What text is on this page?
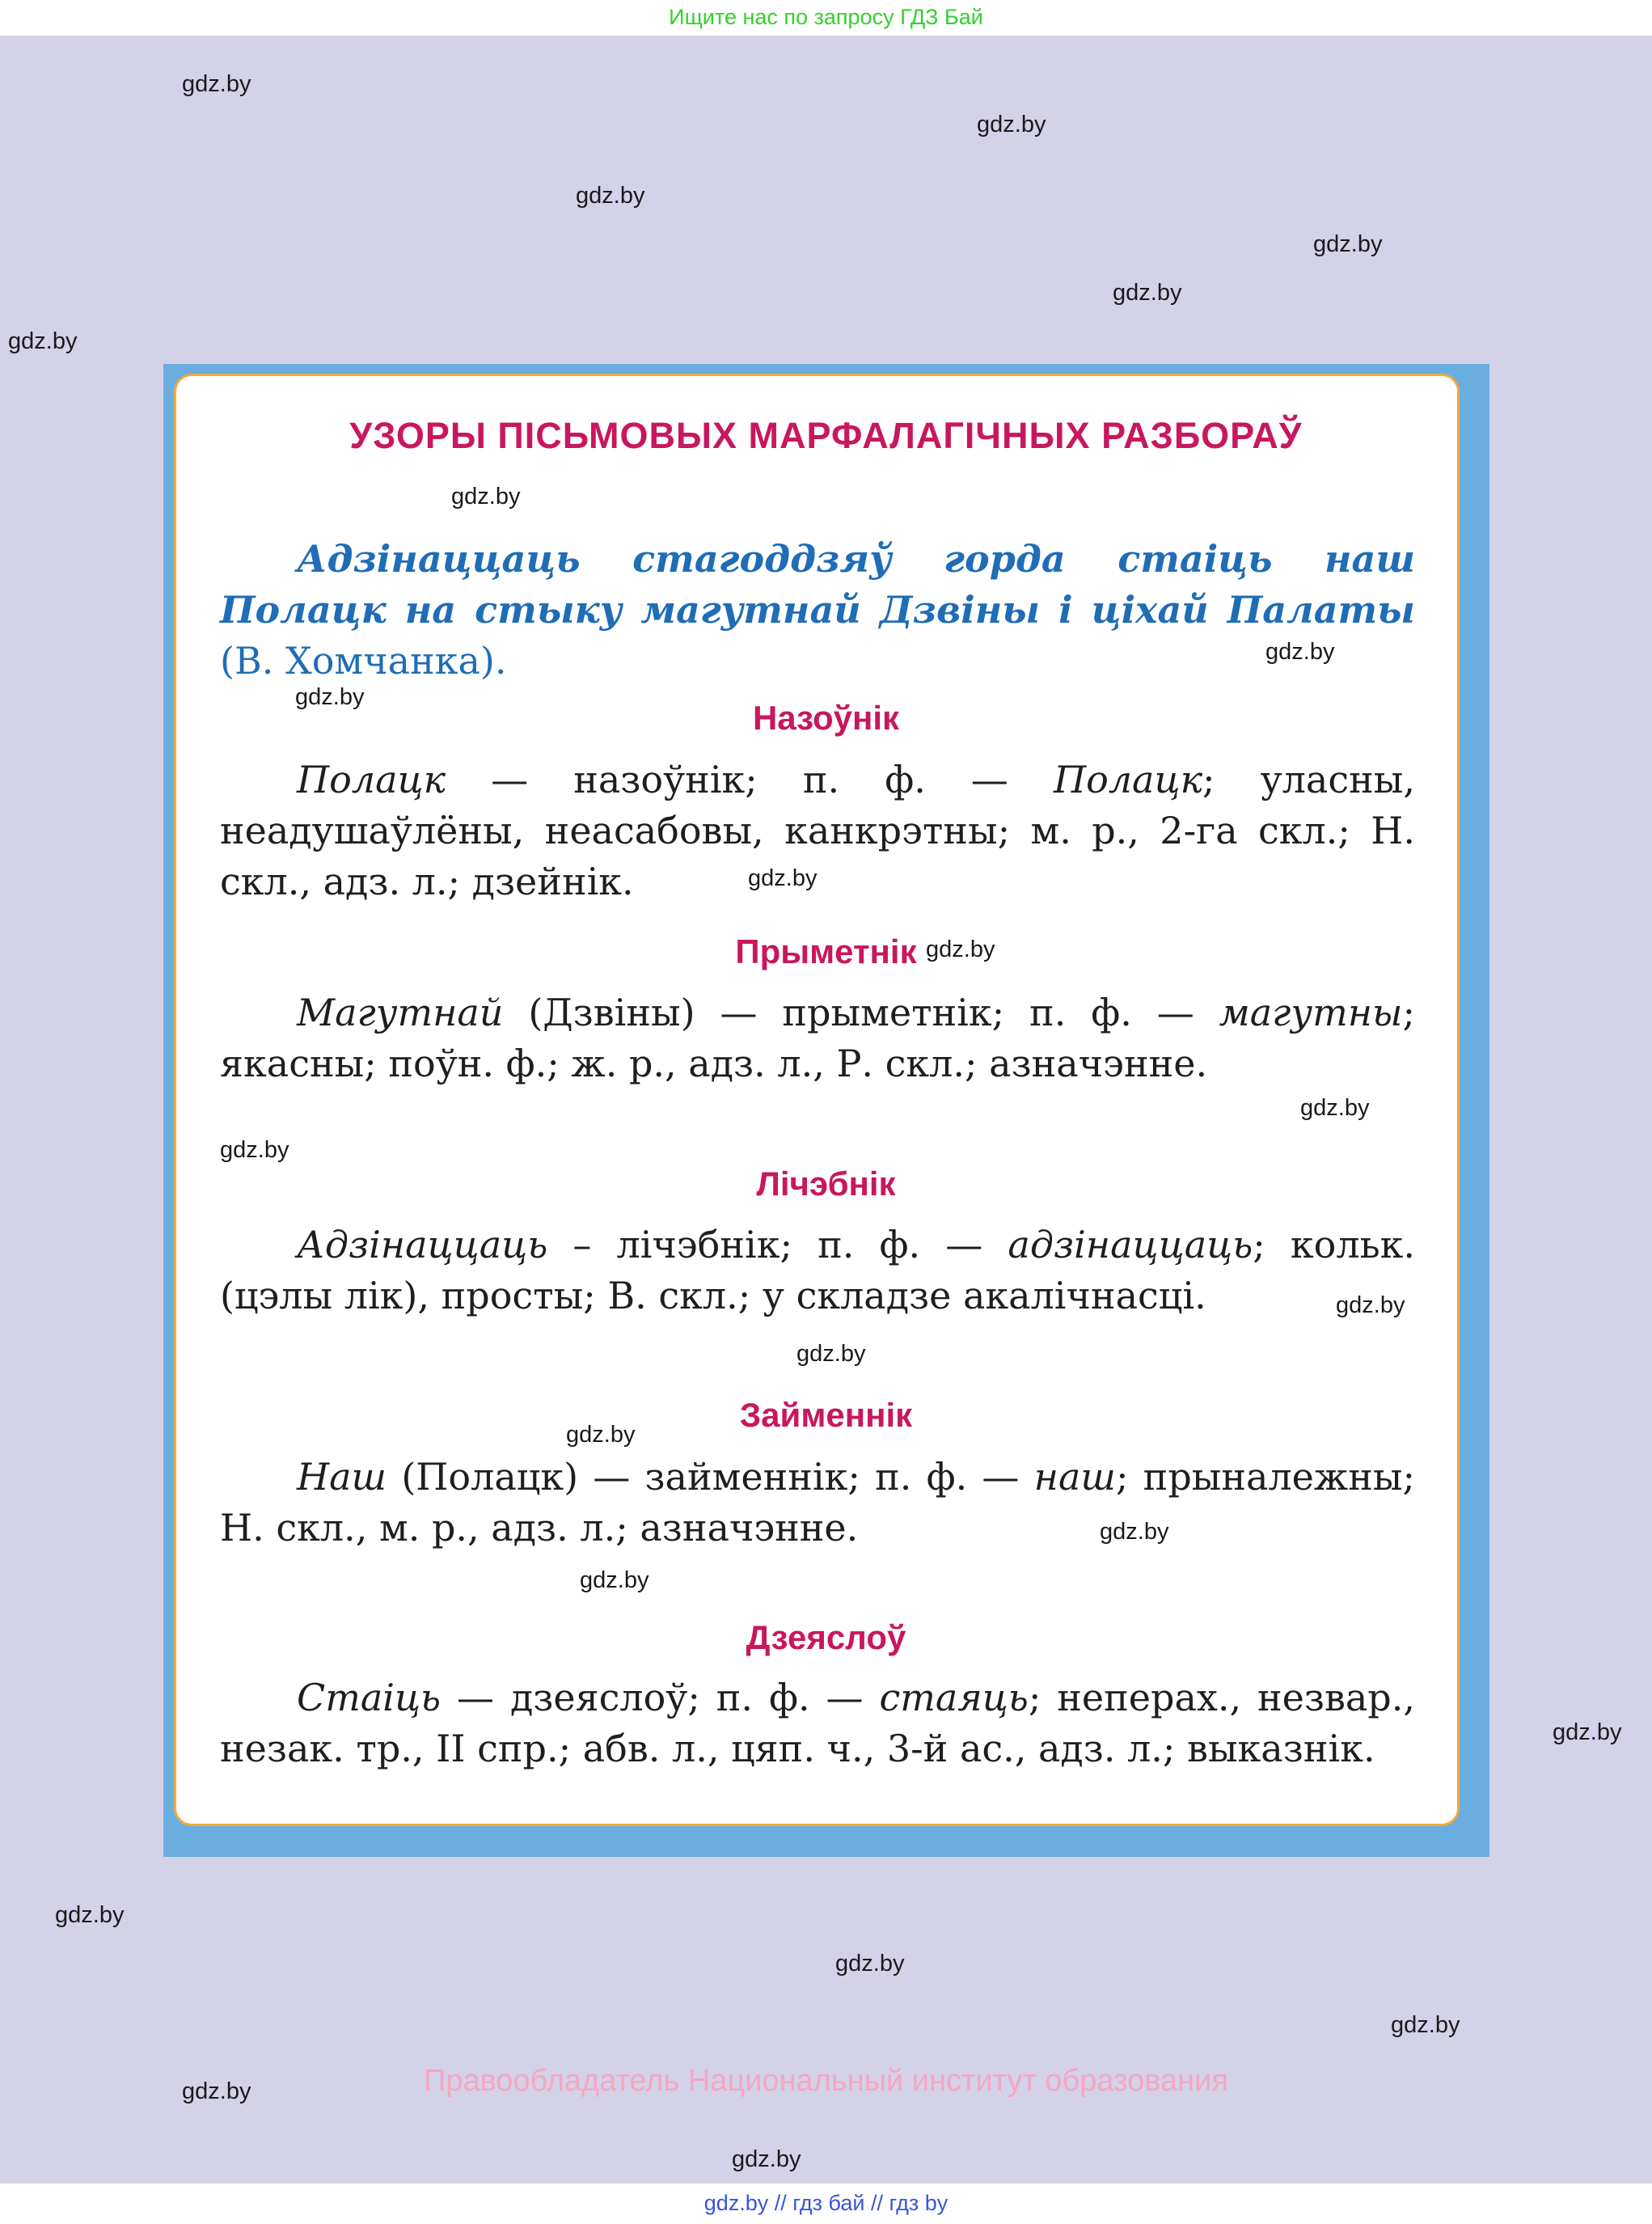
Ищите нас по запросу ГДЗ Бай
gdz.by // гдз бай // гдз by
gdz.by
gdz.by
gdz.by
gdz.by
gdz.by
gdz.by
УЗОРЫ ПІСЬМОВЫХ МАРФАЛАГІЧНЫХ РАЗБОРАЎ
gdz.by
Адзінаццаць стагоддзяў горда стаіць наш Полацк на стыку магутнай Дзвіны і ціхай Палаты (В. Хомчанка).	gdz.by
gdz.by
Назоўнік
Полацк — назоўнік; п. ф. — Полацк; уласны, неадушаўлёны, неасабовы, канкрэтны; м. р., 2-га скл.; Н. скл., адз. л.; дзейнік.	gdz.by
Прыметнік gdz.by
Магутнай (Дзвіны) — прыметнік; п. ф. — магутны; якасны; поўн. ф.; ж. р., адз. л., Р. скл.; азначэнне.
gdz.by
gdz.by
Лічэбнік
Адзінаццаць – лічэбнік; п. ф. — адзінаццаць; кольк. (цэлы лік), просты; В. скл.; у складзе акалічнасці.	gdz.by
gdz.by
gdz.by
Займеннік
Наш (Полацк) — займеннік; п. ф. — наш; прыналежны; Н. скл., м. р., адз. л.; азначэнне.	gdz.by
gdz.by
Дзеяслоў
Стаіць — дзеяслоў; п. ф. — стаяць; неперах., незвар., незак. тр., II спр.; абв. л., цяп. ч., 3-й ас., адз. л.; выказнік.	gdz.by
gdz.by
gdz.by
gdz.by
gdz.by
gdz.by
Правообладатель Национальный институт образования
